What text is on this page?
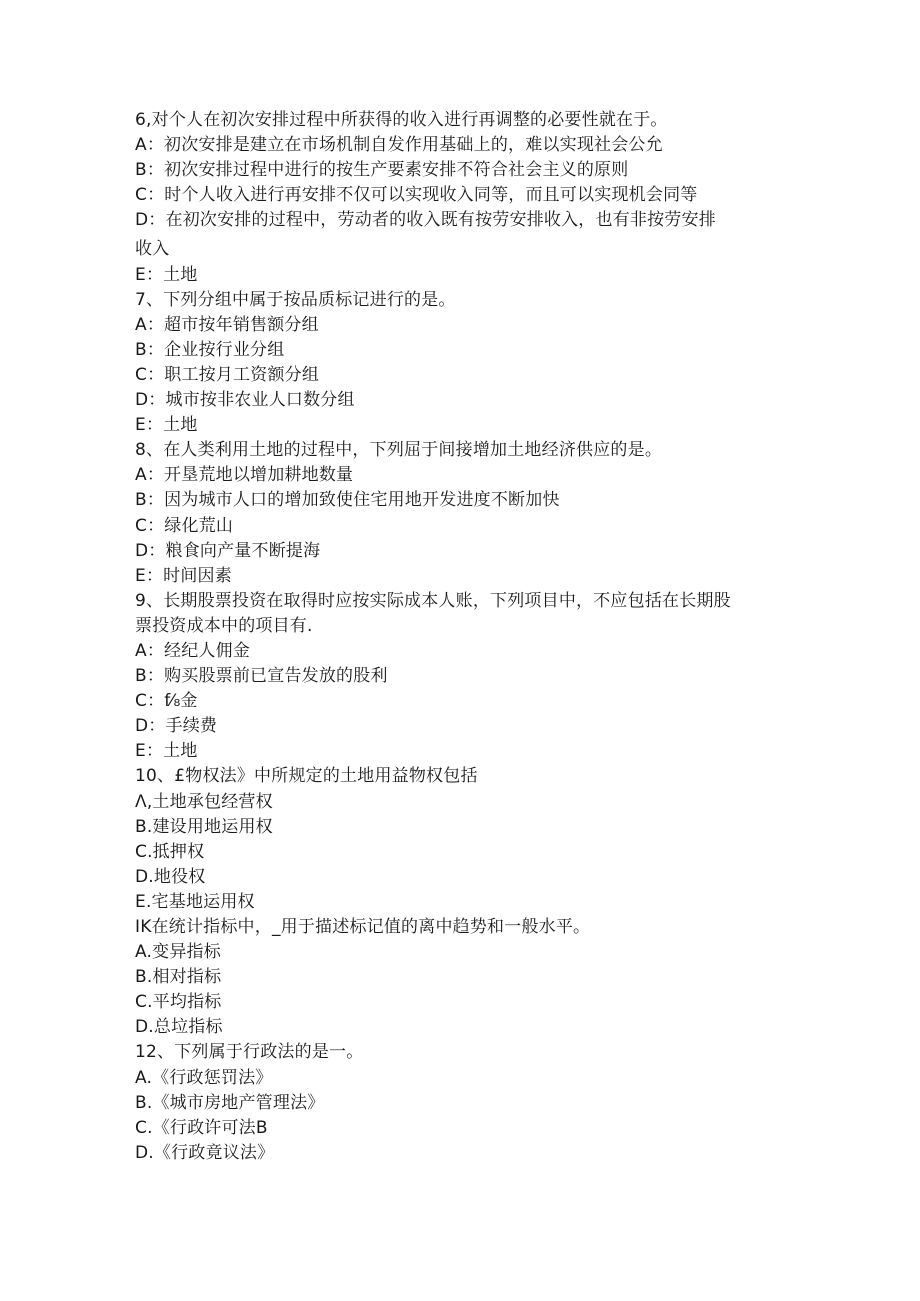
6,对个人在初次安排过程中所获得的收入进行再调整的必要性就在于。
A：初次安排是建立在市场机制自发作用基础上的，难以实现社会公允
B：初次安排过程中进行的按生产要素安排不符合社会主义的原则
C：时个人收入进行再安排不仅可以实现收入同等，而且可以实现机会同等
D：在初次安排的过程中，劳动者的收入既有按劳安排收入，也有非按劳安排
收入
E：土地
7、下列分组中属于按品质标记进行的是。
A：超市按年销售额分组
B：企业按行业分组
C：职工按月工资额分组
D：城市按非农业人口数分组
E：土地
8、在人类利用土地的过程中，下列屈于间接增加土地经济供应的是。
A：开垦荒地以增加耕地数量
B：因为城市人口的增加致使住宅用地开发进度不断加快
C：绿化荒山
D：粮食向产量不断提海
E：时间因素
9、长期股票投资在取得时应按实际成本人账，下列项目中，不应包括在长期股
票投资成本中的项目有.
A：经纪人佣金
B：购买股票前已宣告发放的股利
C：f⁄₈金
D：手续费
E：土地
10、£物权法》中所规定的土地用益物权包括
Λ,土地承包经营权
B.建设用地运用权
C.抵押权
D.地役权
E.宅基地运用权
IK在统计指标中，_用于描述标记值的离中趋势和一般水平。
A.变异指标
B.相对指标
C.平均指标
D.总垃指标
12、下列属于行政法的是一。
A.《行政惩罚法》
B.《城市房地产管理法》
C.《行政许可法B
D.《行政竟议法》
